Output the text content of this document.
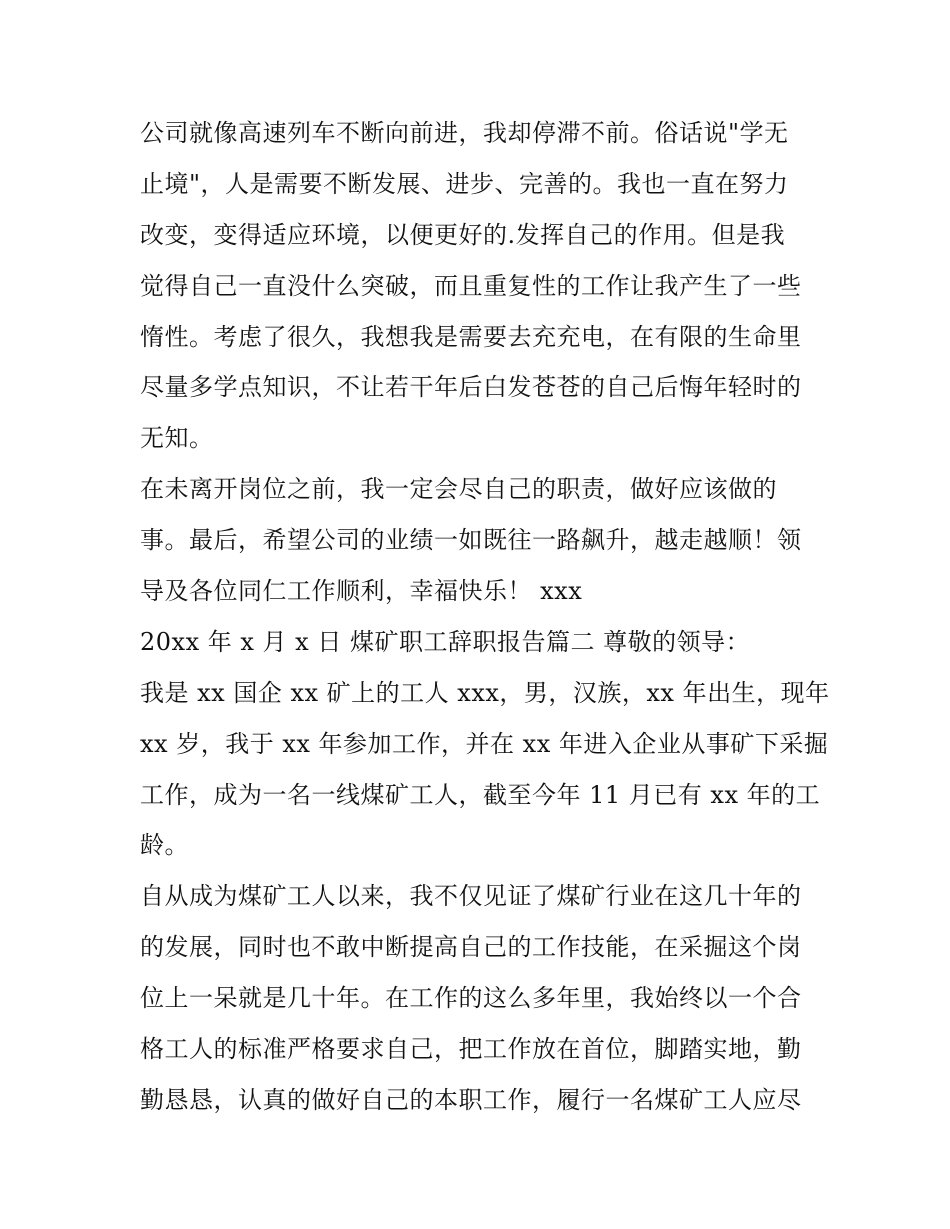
公司就像高速列车不断向前进，我却停滞不前。俗话说"学无
止境"，人是需要不断发展、进步、完善的。我也一直在努力
改变，变得适应环境，以便更好的.发挥自己的作用。但是我
觉得自己一直没什么突破，而且重复性的工作让我产生了一些
惰性。考虑了很久，我想我是需要去充充电，在有限的生命里
尽量多学点知识，不让若干年后白发苍苍的自己后悔年轻时的
无知。
在未离开岗位之前，我一定会尽自己的职责，做好应该做的
事。最后，希望公司的业绩一如既往一路飙升，越走越顺！领
导及各位同仁工作顺利，幸福快乐！ xxx
20xx 年 x 月 x 日 煤矿职工辞职报告篇二 尊敬的领导：
我是 xx 国企 xx 矿上的工人 xxx，男，汉族，xx 年出生，现年
xx 岁，我于 xx 年参加工作，并在 xx 年进入企业从事矿下采掘
工作，成为一名一线煤矿工人，截至今年 11 月已有 xx 年的工
龄。
自从成为煤矿工人以来，我不仅见证了煤矿行业在这几十年的
的发展，同时也不敢中断提高自己的工作技能，在采掘这个岗
位上一呆就是几十年。在工作的这么多年里，我始终以一个合
格工人的标准严格要求自己，把工作放在首位，脚踏实地，勤
勤恳恳，认真的做好自己的本职工作，履行一名煤矿工人应尽
